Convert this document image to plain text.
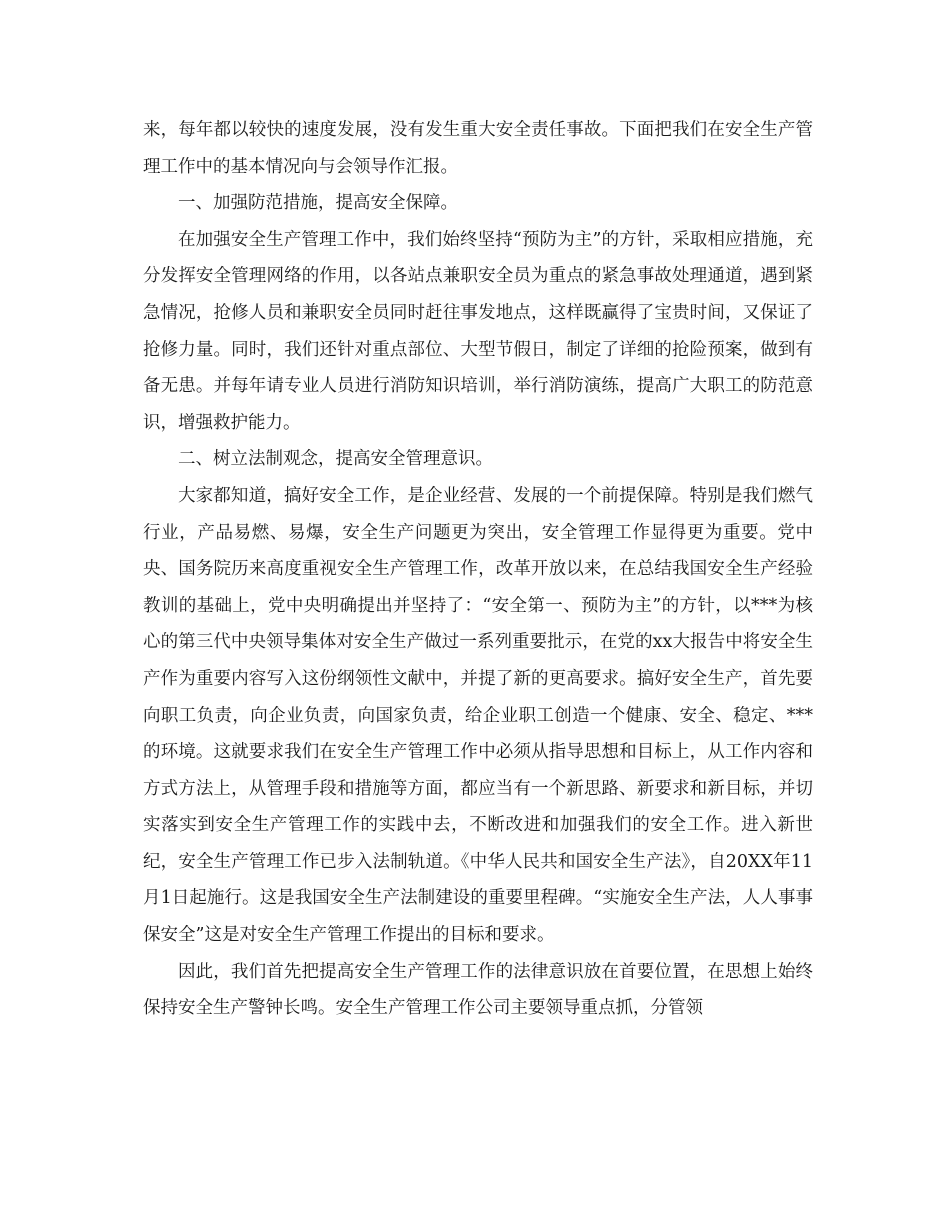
来，每年都以较快的速度发展，没有发生重大安全责任事故。下面把我们在安全生产管理工作中的基本情况向与会领导作汇报。

一、加强防范措施，提高安全保障。

在加强安全生产管理工作中，我们始终坚持“预防为主”的方针，采取相应措施，充分发挥安全管理网络的作用，以各站点兼职安全员为重点的紧急事故处理通道，遇到紧急情况，抢修人员和兼职安全员同时赶往事发地点，这样既赢得了宝贵时间，又保证了抢修力量。同时，我们还针对重点部位、大型节假日，制定了详细的抢险预案，做到有备无患。并每年请专业人员进行消防知识培训，举行消防演练，提高广大职工的防范意识，增强救护能力。

二、树立法制观念，提高安全管理意识。

大家都知道，搞好安全工作，是企业经营、发展的一个前提保障。特别是我们燃气行业，产品易燃、易爆，安全生产问题更为突出，安全管理工作显得更为重要。党中央、国务院历来高度重视安全生产管理工作，改革开放以来，在总结我国安全生产经验教训的基础上，党中央明确提出并坚持了：“安全第一、预防为主”的方针，以***为核心的第三代中央领导集体对安全生产做过一系列重要批示，在党的xx大报告中将安全生产作为重要内容写入这份纲领性文献中，并提了新的更高要求。搞好安全生产，首先要向职工负责，向企业负责，向国家负责，给企业职工创造一个健康、安全、稳定、***的环境。这就要求我们在安全生产管理工作中必须从指导思想和目标上，从工作内容和方式方法上，从管理手段和措施等方面，都应当有一个新思路、新要求和新目标，并切实落实到安全生产管理工作的实践中去，不断改进和加强我们的安全工作。进入新世纪，安全生产管理工作已步入法制轨道。《中华人民共和国安全生产法》，自20XX年11月1日起施行。这是我国安全生产法制建设的重要里程碑。“实施安全生产法，人人事事保安全”这是对安全生产管理工作提出的目标和要求。

因此，我们首先把提高安全生产管理工作的法律意识放在首要位置，在思想上始终保持安全生产警钟长鸣。安全生产管理工作公司主要领导重点抓，分管领
